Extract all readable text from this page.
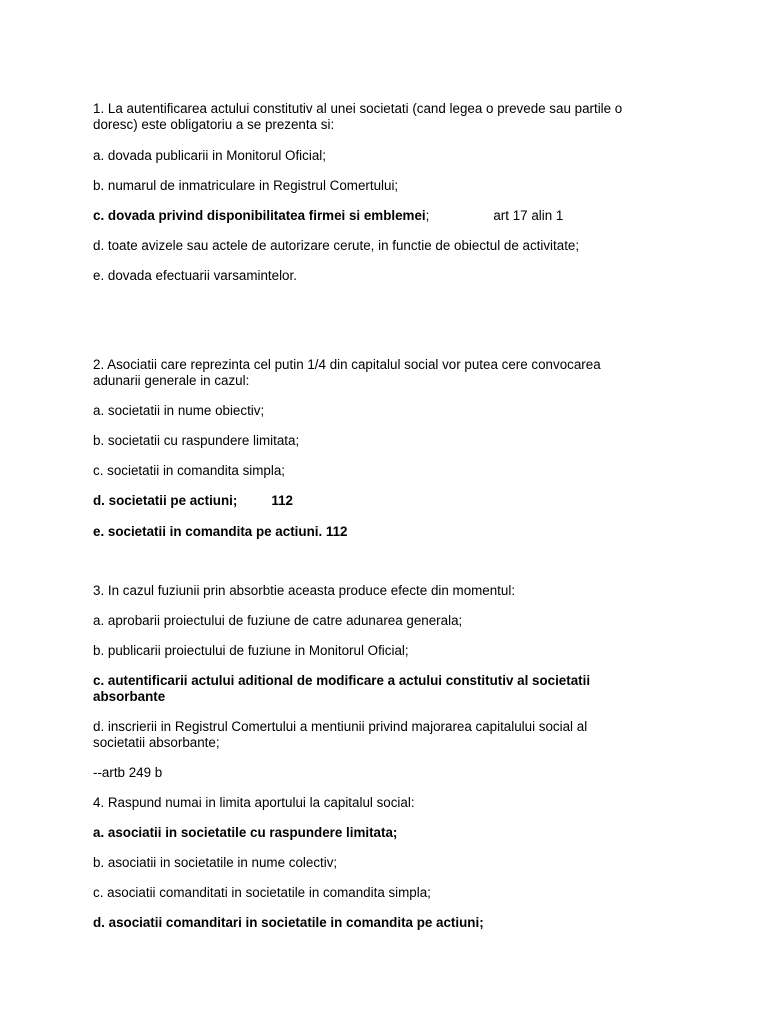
1. La autentificarea actului constitutiv al unei societati (cand legea o prevede sau partile o

doresc) este obligatoriu a se prezenta si:

a. dovada publicarii in Monitorul Oficial;

b. numarul de inmatriculare in Registrul Comertului;

c. dovada privind disponibilitatea firmei si emblemei;	art 17 alin 1

d. toate avizele sau actele de autorizare cerute, in functie de obiectul de activitate;

e. dovada efectuarii varsamintelor.

2. Asociatii care reprezinta cel putin 1/4 din capitalul social vor putea cere convocarea

adunarii generale in cazul:

a. societatii in nume obiectiv;

b. societatii cu raspundere limitata;

c. societatii in comandita simpla;

d. societatii pe actiuni;	112

e. societatii in comandita pe actiuni. 112

3. In cazul fuziunii prin absorbtie aceasta produce efecte din momentul:

a. aprobarii proiectului de fuziune de catre adunarea generala;

b. publicarii proiectului de fuziune in Monitorul Oficial;

c. autentificarii actului aditional de modificare a actului constitutiv al societatii

absorbante

d. inscrierii in Registrul Comertului a mentiunii privind majorarea capitalului social al

societatii absorbante;

--artb 249 b

4. Raspund numai in limita aportului la capitalul social:

a. asociatii in societatile cu raspundere limitata;

b. asociatii in societatile in nume colectiv;

c. asociatii comanditati in societatile in comandita simpla;

d. asociatii comanditari in societatile in comandita pe actiuni;
